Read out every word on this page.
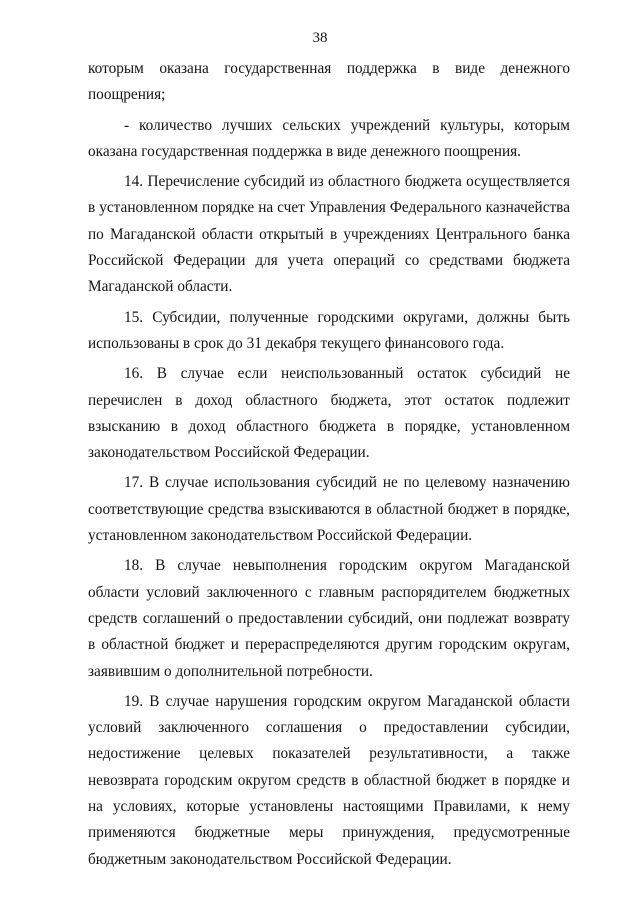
38

которым оказана государственная поддержка в виде денежного поощрения;

- количество лучших сельских учреждений культуры, которым оказана государственная поддержка в виде денежного поощрения.

14. Перечисление субсидий из областного бюджета осуществляется в установленном порядке на счет Управления Федерального казначейства по Магаданской области открытый в учреждениях Центрального банка Российской Федерации для учета операций со средствами бюджета Магаданской области.

15. Субсидии, полученные городскими округами, должны быть использованы в срок до 31 декабря текущего финансового года.

16. В случае если неиспользованный остаток субсидий не перечислен в доход областного бюджета, этот остаток подлежит взысканию в доход областного бюджета в порядке, установленном законодательством Российской Федерации.

17. В случае использования субсидий не по целевому назначению соответствующие средства взыскиваются в областной бюджет в порядке, установленном законодательством Российской Федерации.

18. В случае невыполнения городским округом Магаданской области условий заключенного с главным распорядителем бюджетных средств соглашений о предоставлении субсидий, они подлежат возврату в областной бюджет и перераспределяются другим городским округам, заявившим о дополнительной потребности.

19. В случае нарушения городским округом Магаданской области условий заключенного соглашения о предоставлении субсидии, недостижение целевых показателей результативности, а также невозврата городским округом средств в областной бюджет в порядке и на условиях, которые установлены настоящими Правилами, к нему применяются бюджетные меры принуждения, предусмотренные бюджетным законодательством Российской Федерации.
